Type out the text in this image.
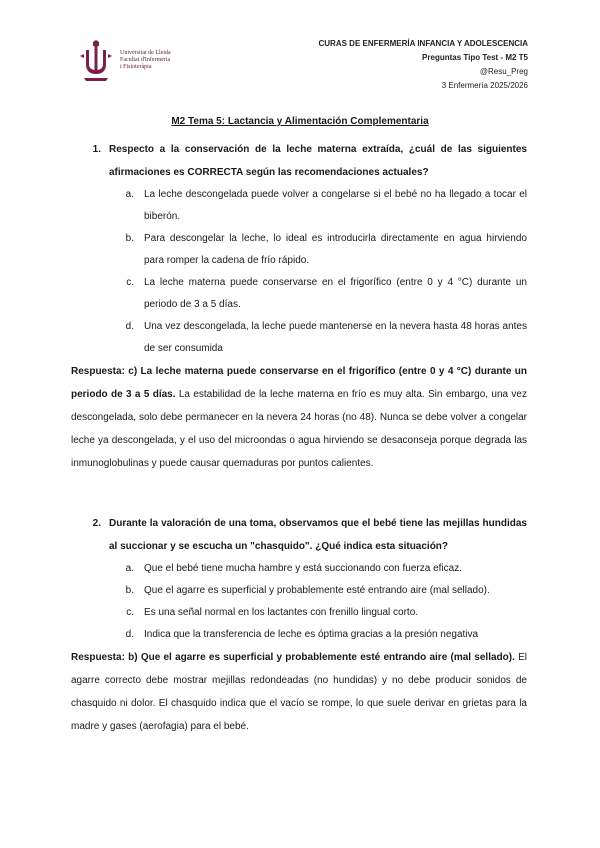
Universitat de Lleida
Facultat d'Infermeria
i Fisioteràpia
CURAS DE ENFERMERÍA INFANCIA Y ADOLESCENCIA
Preguntas Tipo Test - M2 T5
@Resu_Preg
3 Enfermería 2025/2026
M2 Tema 5: Lactancia y Alimentación Complementaria
1. Respecto a la conservación de la leche materna extraída, ¿cuál de las siguientes afirmaciones es CORRECTA según las recomendaciones actuales?
a.	La leche descongelada puede volver a congelarse si el bebé no ha llegado a tocar el biberón.
b.	Para descongelar la leche, lo ideal es introducirla directamente en agua hirviendo para romper la cadena de frío rápido.
c.	La leche materna puede conservarse en el frigorífico (entre 0 y 4 °C) durante un periodo de 3 a 5 días.
d.	Una vez descongelada, la leche puede mantenerse en la nevera hasta 48 horas antes de ser consumida
Respuesta: c) La leche materna puede conservarse en el frigorífico (entre 0 y 4 °C) durante un periodo de 3 a 5 días. La estabilidad de la leche materna en frío es muy alta. Sin embargo, una vez descongelada, solo debe permanecer en la nevera 24 horas (no 48). Nunca se debe volver a congelar leche ya descongelada, y el uso del microondas o agua hirviendo se desaconseja porque degrada las inmunoglobulinas y puede causar quemaduras por puntos calientes.
2. Durante la valoración de una toma, observamos que el bebé tiene las mejillas hundidas al succionar y se escucha un "chasquido". ¿Qué indica esta situación?
a.	Que el bebé tiene mucha hambre y está succionando con fuerza eficaz.
b.	Que el agarre es superficial y probablemente esté entrando aire (mal sellado).
c.	Es una señal normal en los lactantes con frenillo lingual corto.
d.	Indica que la transferencia de leche es óptima gracias a la presión negativa
Respuesta: b) Que el agarre es superficial y probablemente esté entrando aire (mal sellado). El agarre correcto debe mostrar mejillas redondeadas (no hundidas) y no debe producir sonidos de chasquido ni dolor. El chasquido indica que el vacío se rompe, lo que suele derivar en grietas para la madre y gases (aerofagia) para el bebé.
